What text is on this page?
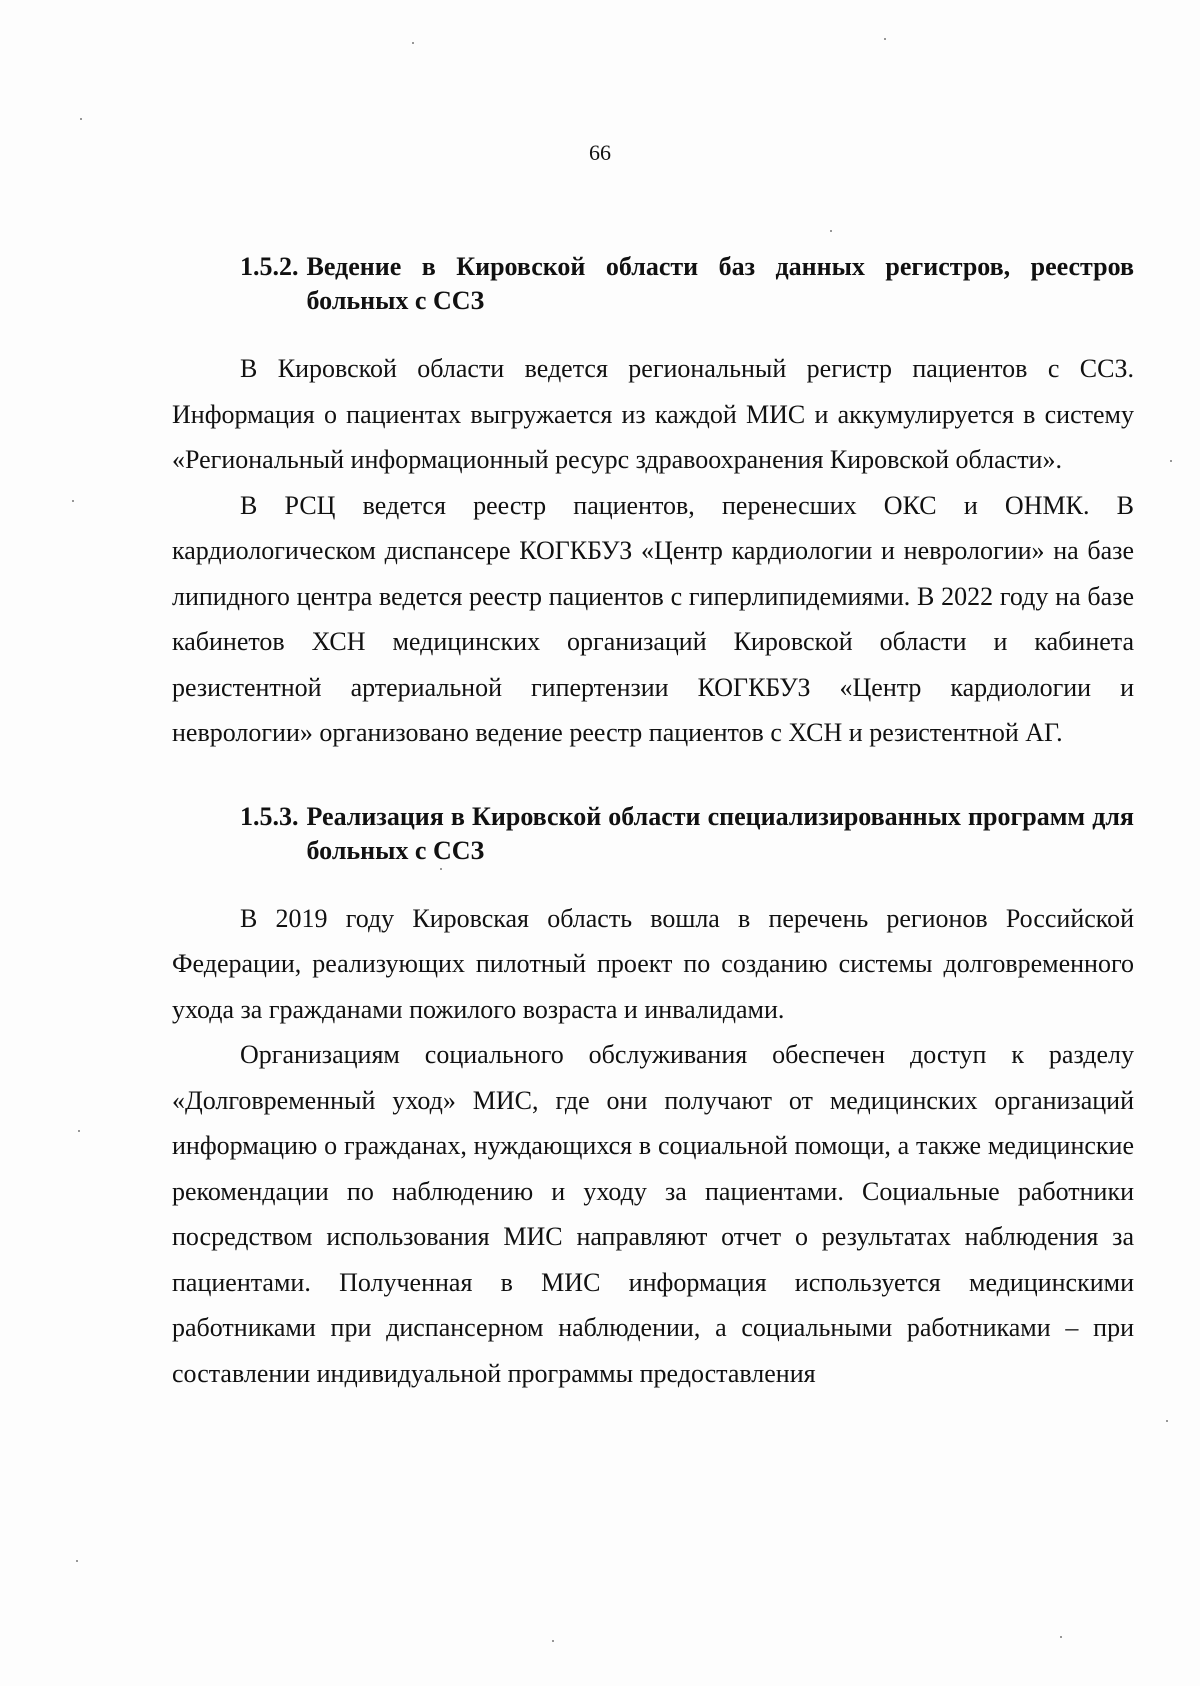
66
1.5.2. Ведение в Кировской области баз данных регистров, реестров больных с ССЗ

В Кировской области ведется региональный регистр пациентов с ССЗ. Информация о пациентах выгружается из каждой МИС и аккумулируется в систему «Региональный информационный ресурс здравоохранения Кировской области».

В РСЦ ведется реестр пациентов, перенесших ОКС и ОНМК. В кардиологическом диспансере КОГКБУЗ «Центр кардиологии и неврологии» на базе липидного центра ведется реестр пациентов с гиперлипидемиями. В 2022 году на базе кабинетов ХСН медицинских организаций Кировской области и кабинета резистентной артериальной гипертензии КОГКБУЗ «Центр кардиологии и неврологии» организовано ведение реестр пациентов с ХСН и резистентной АГ.

1.5.3. Реализация в Кировской области специализированных программ для больных с ССЗ

В 2019 году Кировская область вошла в перечень регионов Российской Федерации, реализующих пилотный проект по созданию системы долговременного ухода за гражданами пожилого возраста и инвалидами.

Организациям социального обслуживания обеспечен доступ к разделу «Долговременный уход» МИС, где они получают от медицинских организаций информацию о гражданах, нуждающихся в социальной помощи, а также медицинские рекомендации по наблюдению и уходу за пациентами. Социальные работники посредством использования МИС направляют отчет о результатах наблюдения за пациентами. Полученная в МИС информация используется медицинскими работниками при диспансерном наблюдении, а социальными работниками – при составлении индивидуальной программы предоставления
